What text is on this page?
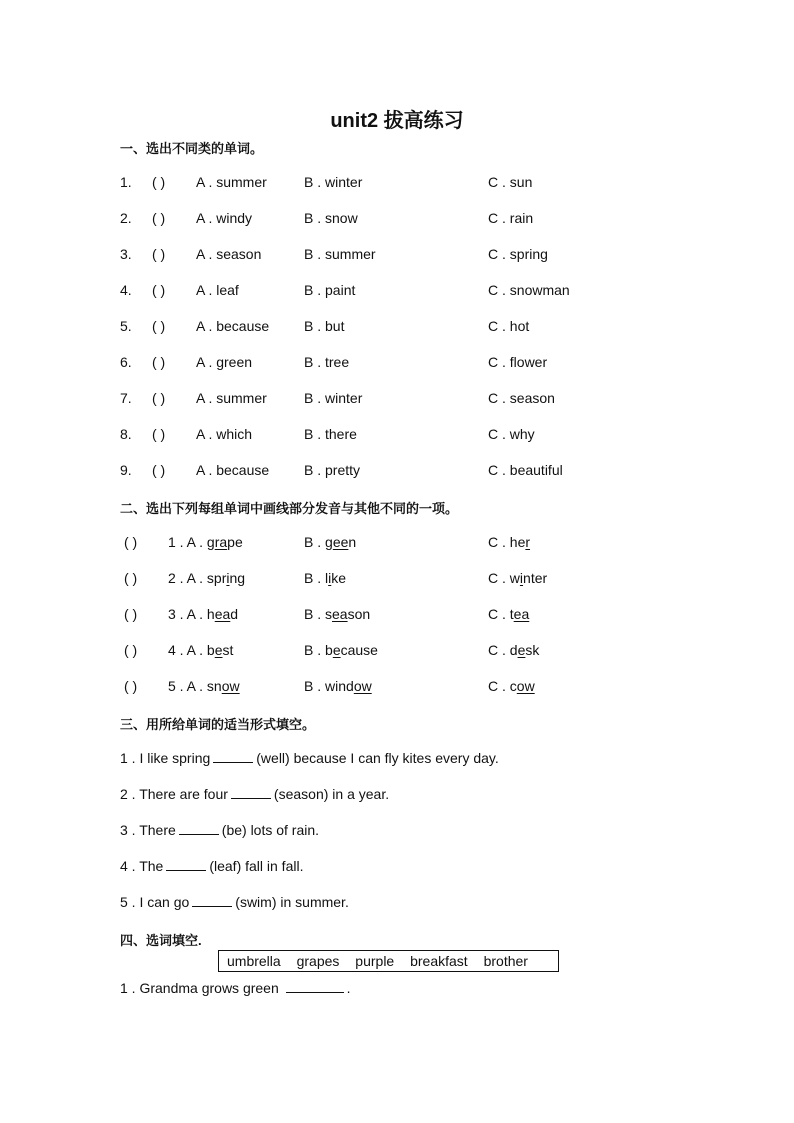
unit2 拔高练习
一、选出不同类的单词。
1. ( ) A . summer	B . winter	C . sun
2. ( ) A . windy	B . snow	C . rain
3. ( ) A . season	B . summer	C . spring
4. ( ) A . leaf	B . paint	C . snowman
5. ( ) A . because B . but	C . hot
6. ( ) A . green	B . tree	C . flower
7. ( ) A . summer	B . winter	C . season
8. ( ) A . which	B . there	C . why
9. ( ) A . because B . pretty	C . beautiful
二、选出下列每组单词中画线部分发音与其他不同的一项。
( ) 1 . A . grape	B . geen	C . her
( ) 2 . A . spring	B . like	C . winter
( ) 3 . A . head	B . season	C . tea
( ) 4 . A . best	B . because	C . desk
( ) 5 . A . snow	B . window	C . cow
三、用所给单词的适当形式填空。
1 . I like spring	(well) because I can fly kites every day.
2 . There are four	(season) in a year.
3 . There	(be) lots of rain.
4 . The	(leaf) fall in fall.
5 . I can go	(swim) in summer.
四、选词填空.
umbrella grapes purple breakfast brother
1 . Grandma grows green	.
